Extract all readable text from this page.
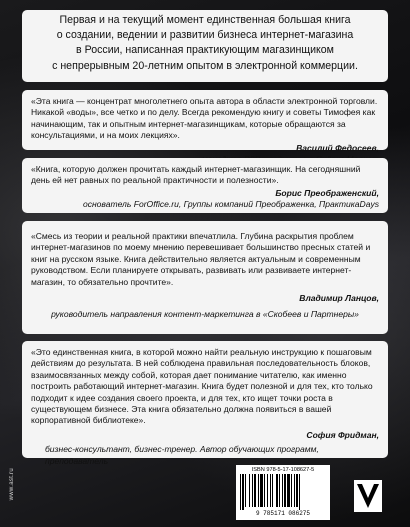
Первая и на текущий момент единственная большая книга
о создании, ведении и развитии бизнеса интернет-магазина
в России, написанная практикующим магазинщиком
с непрерывным 20-летним опытом в электронной коммерции.
«Эта книга — концентрат многолетнего опыта автора в области электронной торговли. Никакой «воды», все четко и по делу. Всегда рекомендую книгу и советы Тимофея как начинающим, так и опытным интернет-магазинщикам, которые обращаются за консультациями, и на моих лекциях».
Василий Федосеев,
«Книга, которую должен прочитать каждый интернет-магазинщик. На сегодняшний день ей нет равных по реальной практичности и полезности».
Борис Преображенский,
основатель ForOffice.ru, Группы компаний Преображенка, ПрактикаDays
«Смесь из теории и реальной практики впечатлила. Глубина раскрытия проблем интернет-магазинов по моему мнению перевешивает большинство пресных статей и книг на русском языке. Книга действительно является актуальным и современным руководством. Если планируете открывать, развивать или развиваете интернет-магазин, то обязательно прочтите».
Владимир Ланцов,
руководитель направления контент-маркетинга в «Скобеев и Партнеры»
«Это единственная книга, в которой можно найти реальную инструкцию к пошаговым действиям до результата. В ней соблюдена правильная последовательность блоков, взаимосвязанных между собой, которая дает понимание читателю, как именно построить работающий интернет-магазин. Книга будет полезной и для тех, кто только подходит к идее создания своего проекта, и для тех, кто ищет точки роста в существующем бизнесе. Эта книга обязательно должна появиться в вашей корпоративной библиотеке».
София Фридман,
бизнес-консультант, бизнес-тренер. Автор обучающих программ, преподаватель
www.ast.ru	ISBN 978-5-17-108627-5
9 785171 086275
